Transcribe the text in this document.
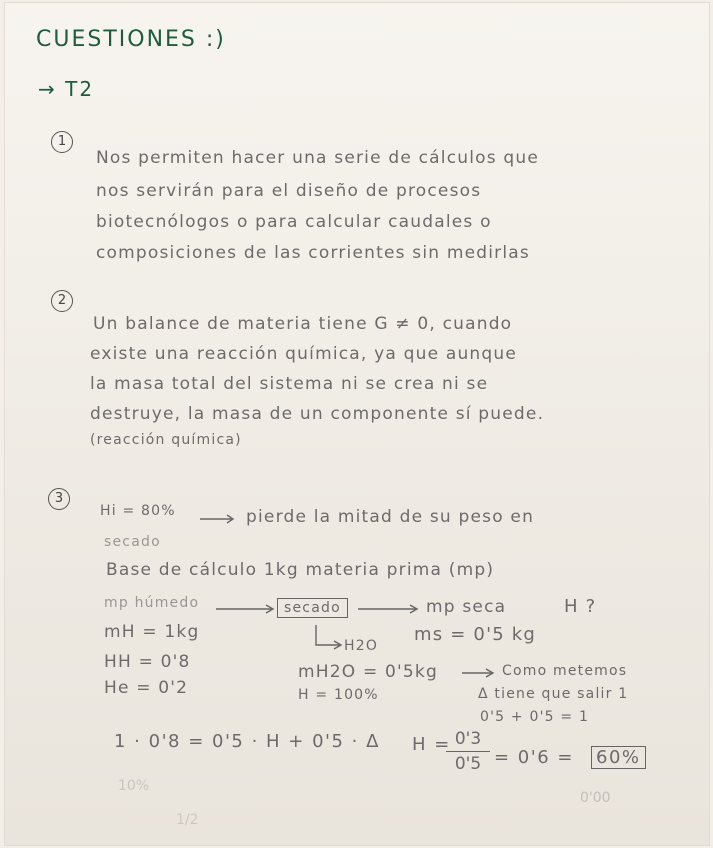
CUESTIONES :)
→ T2
1
Nos permiten hacer una serie de cálculos que
nos servirán para el diseño de procesos
biotecnólogos o para calcular caudales o
composiciones de las corrientes sin medirlas
2
Un balance de materia tiene G ≠ 0, cuando
existe una reacción química, ya que aunque
la masa total del sistema ni se crea ni se
destruye, la masa de un componente sí puede.
(reacción química)
3
Hi = 80%	pierde la mitad de su peso en
secado
Base de cálculo 1kg materia prima (mp)
mp húmedo	secado	mp seca	H ?
mH = 1kg
H2O
ms = 0'5 kg
HH = 0'8	mH2O = 0'5kg	Como metemos
He = 0'2	H = 100%	Δ tiene que salir 1
0'5 + 0'5 = 1
1 · 0'8 = 0'5 · H + 0'5 · Δ H = 0'3
0'5 = 0'6 = 60%
10%
1/2
0'00
